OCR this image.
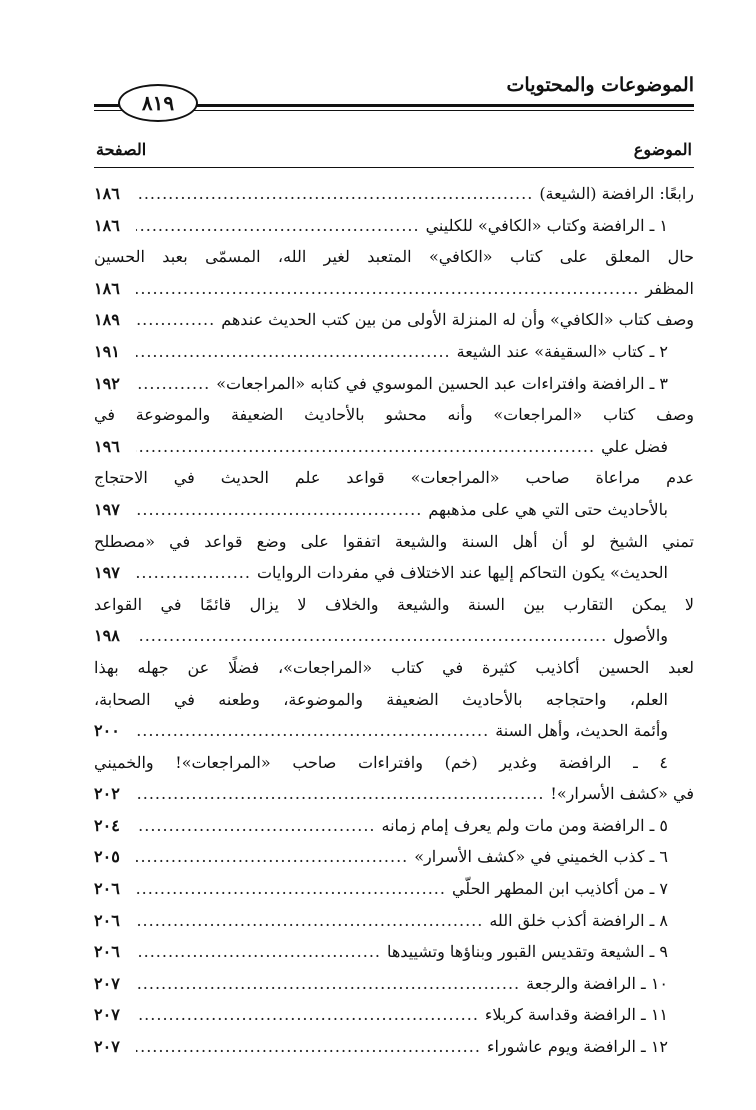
الموضوعات والمحتويات
٨١٩
الموضوع
الصفحة
رابعًا: الرافضة (الشيعة)
.....
١٨٦
١ ـ الرافضة وكتاب «الكافي» للكليني
.....
١٨٦
حال المعلق على كتاب «الكافي» المتعبد لغير الله، المسمّى بعبد الحسين
المظفر
.....
١٨٦
وصف كتاب «الكافي» وأن له المنزلة الأولى من بين كتب الحديث عندهم
.....
١٨٩
٢ ـ كتاب «السقيفة» عند الشيعة
.....
١٩١
٣ ـ الرافضة وافتراءات عبد الحسين الموسوي في كتابه «المراجعات»
.....
١٩٢
وصف كتاب «المراجعات» وأنه محشو بالأحاديث الضعيفة والموضوعة في
فضل علي
.....
١٩٦
عدم مراعاة صاحب «المراجعات» قواعد علم الحديث في الاحتجاج
بالأحاديث حتى التي هي على مذهبهم
.....
١٩٧
تمني الشيخ لو أن أهل السنة والشيعة اتفقوا على وضع قواعد في «مصطلح
الحديث» يكون التحاكم إليها عند الاختلاف في مفردات الروايات
.....
١٩٧
لا يمكن التقارب بين السنة والشيعة والخلاف لا يزال قائمًا في القواعد
والأصول
.....
١٩٨
لعبد الحسين أكاذيب كثيرة في كتاب «المراجعات»، فضلًا عن جهله بهذا
العلم، واحتجاجه بالأحاديث الضعيفة والموضوعة، وطعنه في الصحابة،
وأئمة الحديث، وأهل السنة
.....
٢٠٠
٤ ـ الرافضة وغدير (خم) وافتراءات صاحب «المراجعات»! والخميني
في «كشف الأسرار»!
.....
٢٠٢
٥ ـ الرافضة ومن مات ولم يعرف إمام زمانه
.....
٢٠٤
٦ ـ كذب الخميني في «كشف الأسرار»
.....
٢٠٥
٧ ـ من أكاذيب ابن المطهر الحلّي
.....
٢٠٦
٨ ـ الرافضة أكذب خلق الله
.....
٢٠٦
٩ ـ الشيعة وتقديس القبور وبناؤها وتشييدها
.....
٢٠٦
١٠ ـ الرافضة والرجعة
.....
٢٠٧
١١ ـ الرافضة وقداسة كربلاء
.....
٢٠٧
١٢ ـ الرافضة ويوم عاشوراء
.....
٢٠٧
